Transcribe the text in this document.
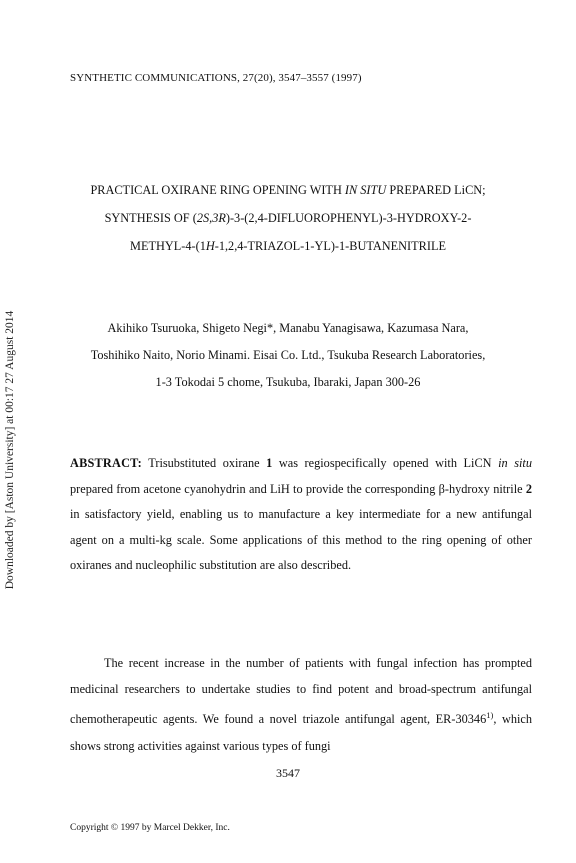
SYNTHETIC COMMUNICATIONS, 27(20), 3547–3557 (1997)
PRACTICAL OXIRANE RING OPENING WITH IN SITU PREPARED LiCN;
SYNTHESIS OF (2S,3R)-3-(2,4-DIFLUOROPHENYL)-3-HYDROXY-2-
METHYL-4-(1H-1,2,4-TRIAZOL-1-YL)-1-BUTANENITRILE
Akihiko Tsuruoka, Shigeto Negi*, Manabu Yanagisawa, Kazumasa Nara,
Toshihiko Naito, Norio Minami. Eisai Co. Ltd., Tsukuba Research Laboratories,
1-3 Tokodai 5 chome, Tsukuba, Ibaraki, Japan 300-26
ABSTRACT: Trisubstituted oxirane 1 was regiospecifically opened with LiCN in situ prepared from acetone cyanohydrin and LiH to provide the corresponding β-hydroxy nitrile 2 in satisfactory yield, enabling us to manufacture a key intermediate for a new antifungal agent on a multi-kg scale. Some applications of this method to the ring opening of other oxiranes and nucleophilic substitution are also described.
The recent increase in the number of patients with fungal infection has prompted medicinal researchers to undertake studies to find potent and broad-spectrum antifungal chemotherapeutic agents. We found a novel triazole antifungal agent, ER-30346$^{1)}$, which shows strong activities against various types of fungi
3547
Copyright © 1997 by Marcel Dekker, Inc.
Downloaded by [Aston University] at 00:17 27 August 2014
